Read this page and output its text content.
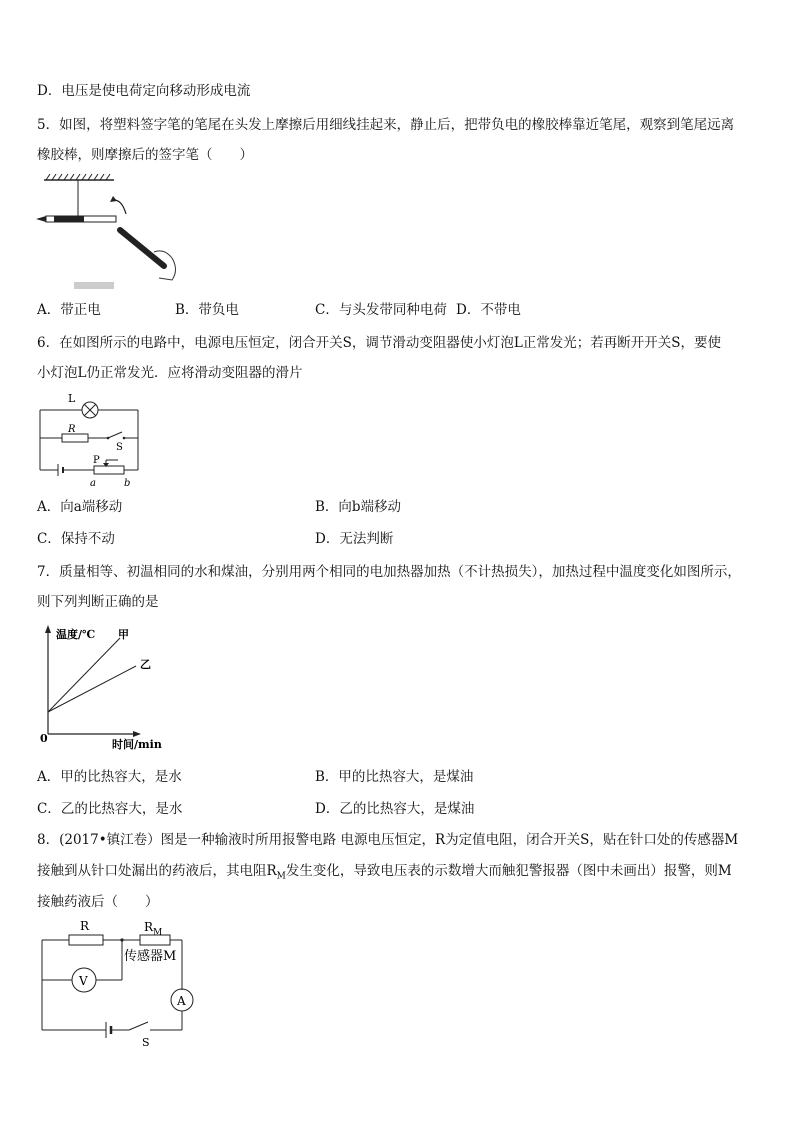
D．电压是使电荷定向移动形成电流
5．如图，将塑料签字笔的笔尾在头发上摩擦后用细线挂起来，静止后，把带负电的橡胶棒靠近笔尾，观察到笔尾远离
橡胶棒，则摩擦后的签字笔（　　）
A．带正电	B．带负电	C．与头发带同种电荷 D．不带电
6．在如图所示的电路中，电源电压恒定，闭合开关S，调节滑动变阻器使小灯泡L正常发光；若再断开开关S，要使
小灯泡L仍正常发光．应将滑动变阻器的滑片
L
R
S
P
a	b
A．向a端移动	B．向b端移动
C．保持不动	D．无法判断
7．质量相等、初温相同的水和煤油，分别用两个相同的电加热器加热（不计热损失），加热过程中温度变化如图所示，
则下列判断正确的是
温度/℃ 甲
乙
0	时间/min
A．甲的比热容大，是水	B．甲的比热容大，是煤油
C．乙的比热容大，是水	D．乙的比热容大，是煤油
8．(2017•镇江卷）图是一种输液时所用报警电路 电源电压恒定，R为定值电阻，闭合开关S，贴在针口处的传感器M
接触到从针口处漏出的药液后，其电阻$R_M$发生变化，导致电压表的示数增大而触犯警报器（图中未画出）报警，则M
接触药液后（　　）
R	$R_M$
传感器M
V
A
S
